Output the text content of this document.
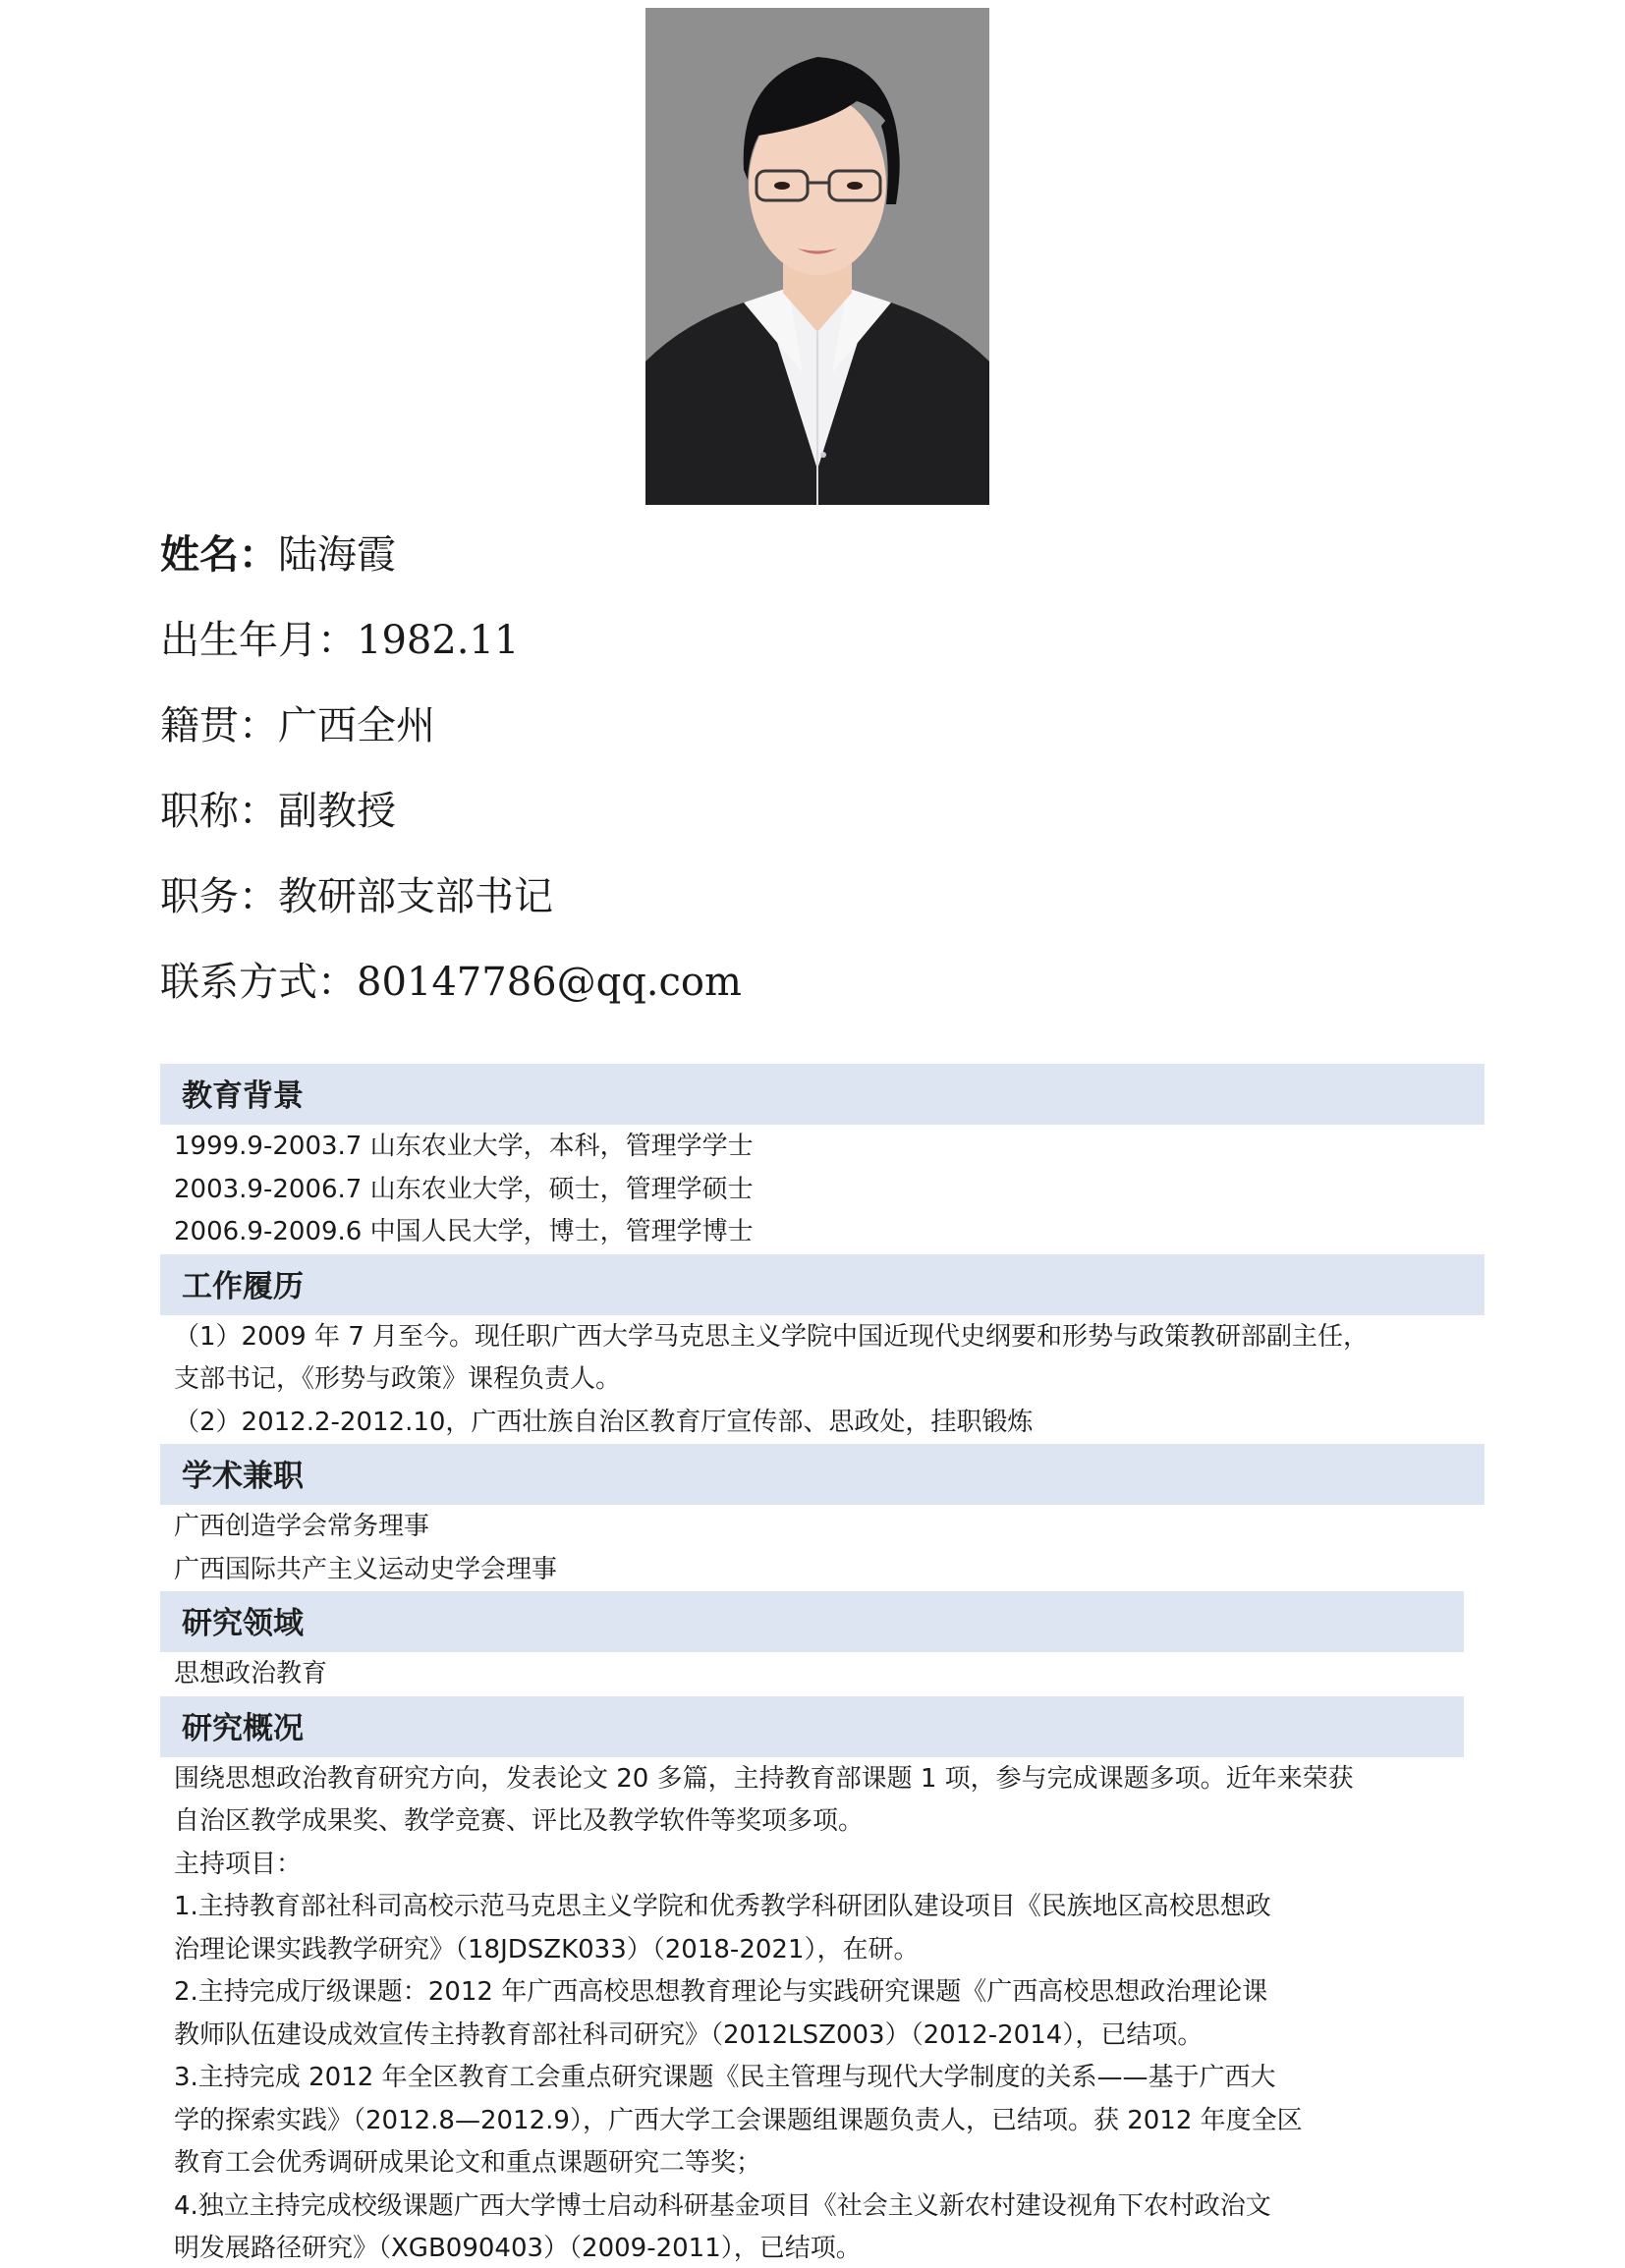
姓名：陆海霞
出生年月：1982.11
籍贯：广西全州
职称：副教授
职务：教研部支部书记
联系方式：80147786@qq.com
教育背景
1999.9-2003.7 山东农业大学，本科，管理学学士
2003.9-2006.7 山东农业大学，硕士，管理学硕士
2006.9-2009.6 中国人民大学，博士，管理学博士
工作履历
（1）2009 年 7 月至今。现任职广西大学马克思主义学院中国近现代史纲要和形势与政策教研部副主任，
支部书记，《形势与政策》课程负责人。
（2）2012.2-2012.10，广西壮族自治区教育厅宣传部、思政处，挂职锻炼
学术兼职
广西创造学会常务理事
广西国际共产主义运动史学会理事
研究领域
思想政治教育
研究概况
围绕思想政治教育研究方向，发表论文 20 多篇，主持教育部课题 1 项，参与完成课题多项。近年来荣获
自治区教学成果奖、教学竞赛、评比及教学软件等奖项多项。
主持项目：
1.主持教育部社科司高校示范马克思主义学院和优秀教学科研团队建设项目《民族地区高校思想政
治理论课实践教学研究》（18JDSZK033）（2018-2021），在研。
2.主持完成厅级课题：2012 年广西高校思想教育理论与实践研究课题《广西高校思想政治理论课
教师队伍建设成效宣传主持教育部社科司研究》（2012LSZ003）（2012-2014），已结项。
3.主持完成 2012 年全区教育工会重点研究课题《民主管理与现代大学制度的关系——基于广西大
学的探索实践》（2012.8—2012.9），广西大学工会课题组课题负责人，已结项。获 2012 年度全区
教育工会优秀调研成果论文和重点课题研究二等奖；
4.独立主持完成校级课题广西大学博士启动科研基金项目《社会主义新农村建设视角下农村政治文
明发展路径研究》（XGB090403）（2009-2011），已结项。
